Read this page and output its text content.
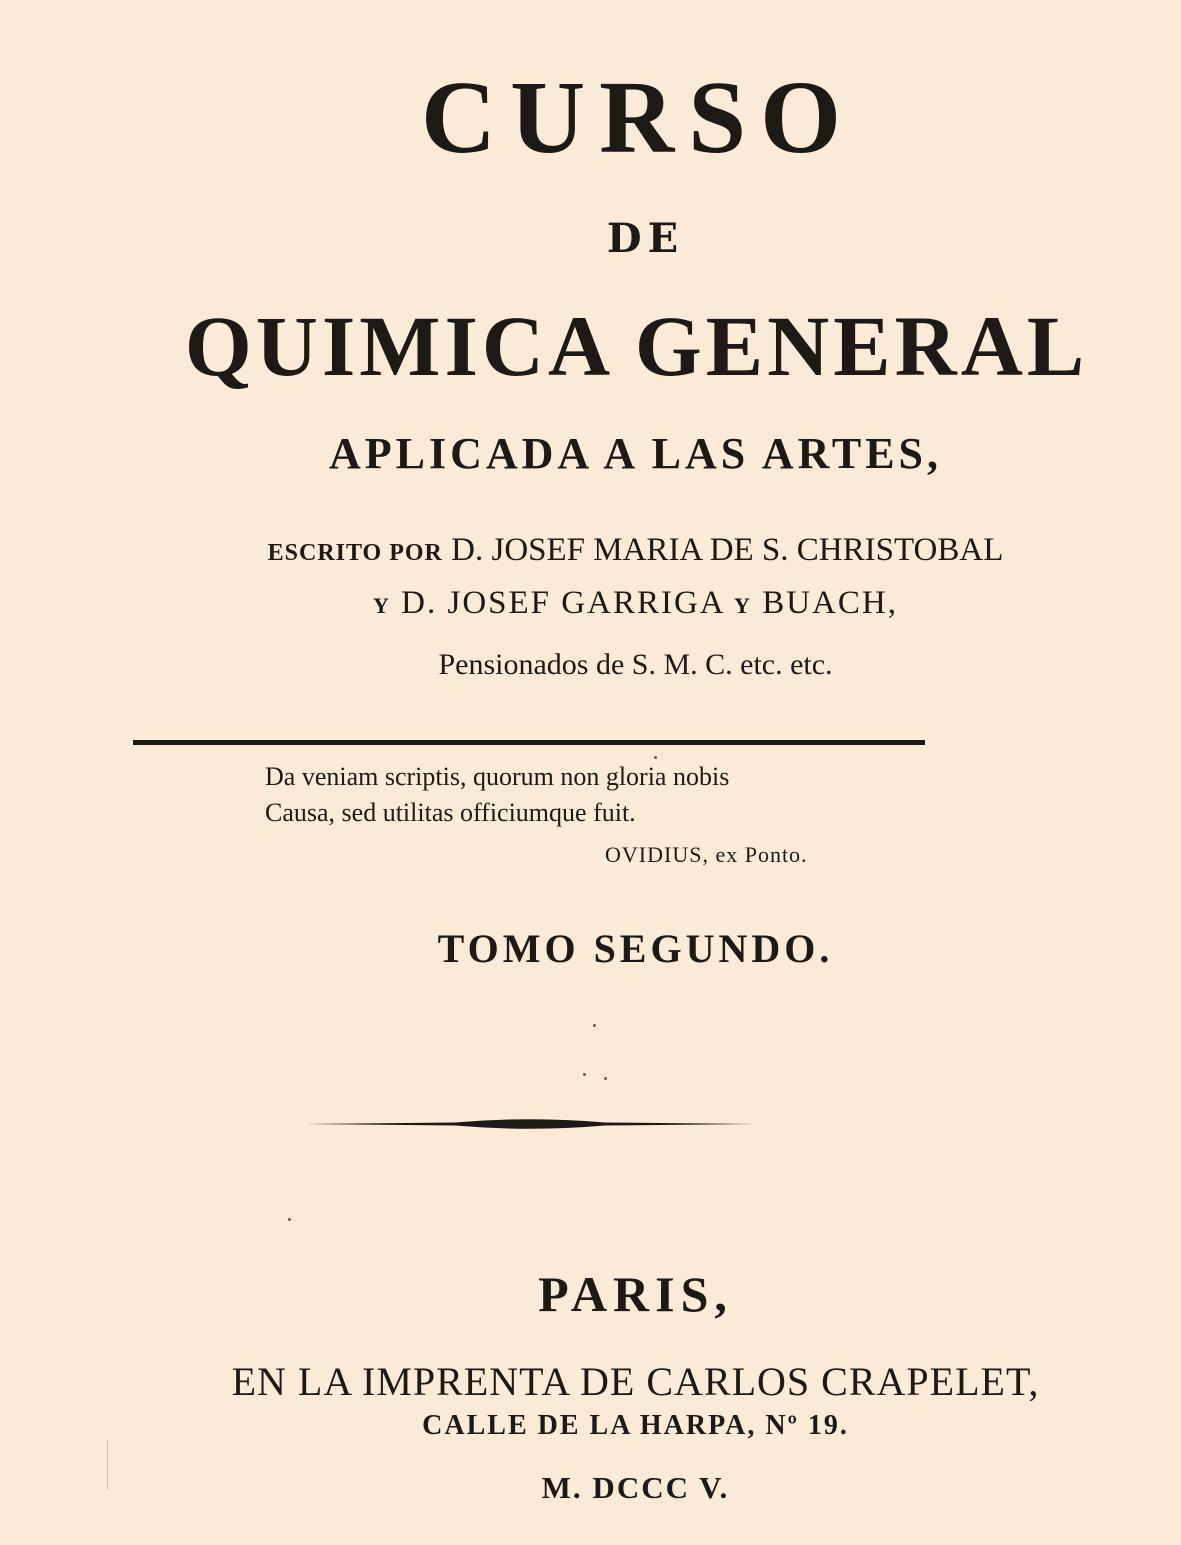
CURSO
DE
QUIMICA GENERAL
APLICADA A LAS ARTES,
ESCRITO POR D. JOSEF MARIA DE S. CHRISTOBAL
Y D. JOSEF GARRIGA Y BUACH,
Pensionados de S. M. C. etc. etc.
Da veniam scriptis, quorum non gloria nobis
Causa, sed utilitas officiumque fuit.
OVIDIUS, ex Ponto.
TOMO SEGUNDO.
PARIS,
EN LA IMPRENTA DE CARLOS CRAPELET,
CALLE DE LA HARPA, Nº 19.
M. DCCC V.
